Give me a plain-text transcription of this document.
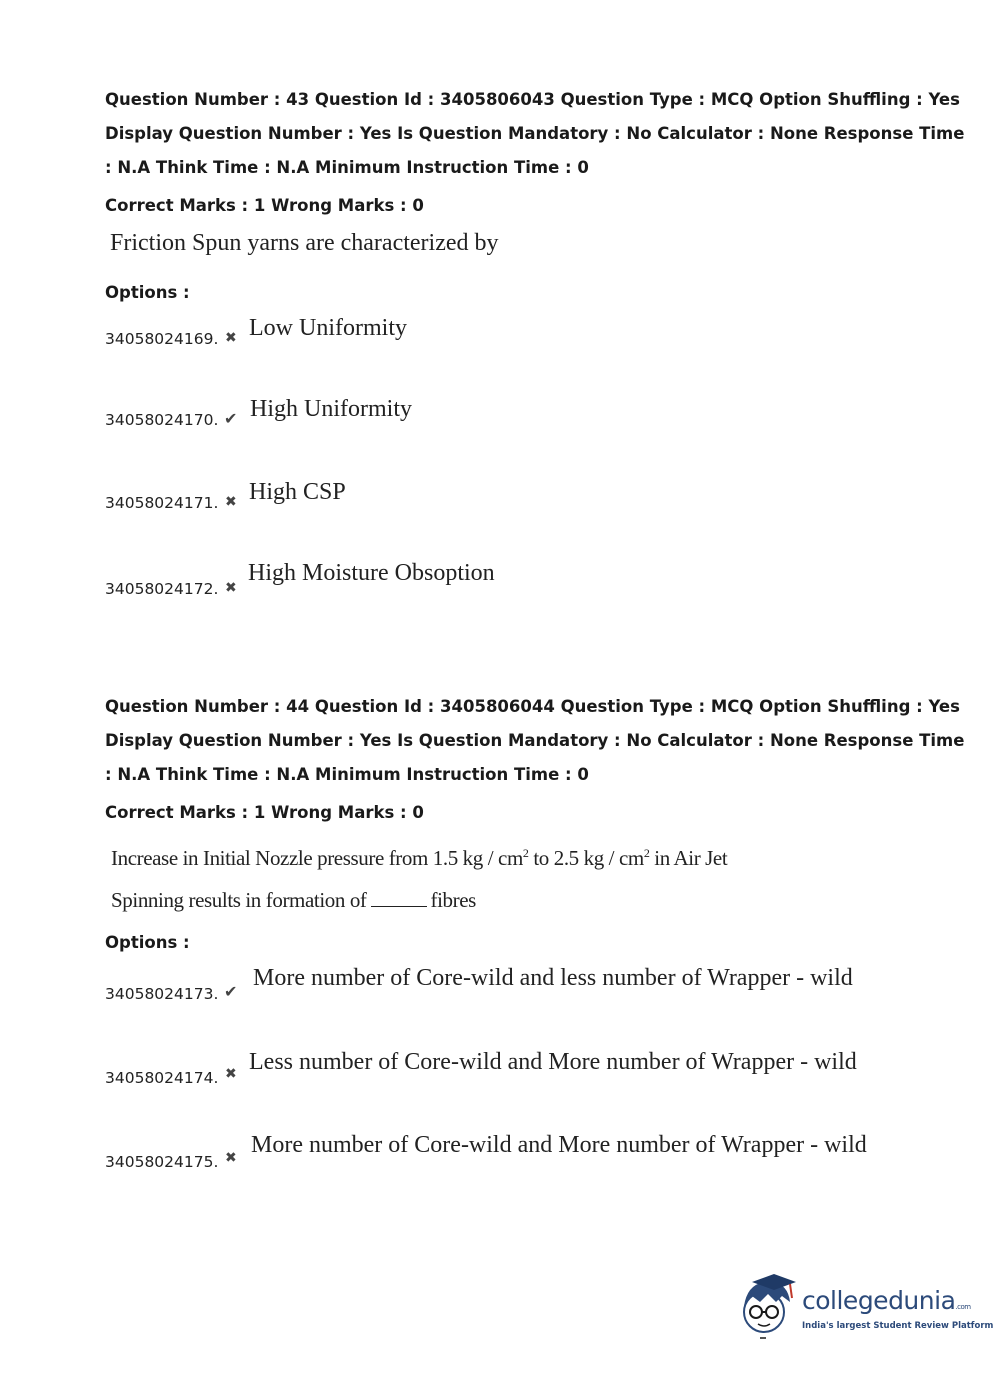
Question Number : 43 Question Id : 3405806043 Question Type : MCQ Option Shuffling : Yes

Display Question Number : Yes Is Question Mandatory : No Calculator : None Response Time

: N.A Think Time : N.A Minimum Instruction Time : 0

Correct Marks : 1 Wrong Marks : 0
Friction Spun yarns are characterized by
Options :
34058024169. ✖ Low Uniformity
34058024170. ✔ High Uniformity
34058024171. ✖ High CSP
34058024172. ✖
High Moisture Obsoption

Question Number : 44 Question Id : 3405806044 Question Type : MCQ Option Shuffling : Yes

Display Question Number : Yes Is Question Mandatory : No Calculator : None Response Time

: N.A Think Time : N.A Minimum Instruction Time : 0

Correct Marks : 1 Wrong Marks : 0
Increase in Initial Nozzle pressure from 1.5 kg / $cm^2$ to 2.5 kg / $cm^2$ in Air Jet
Spinning results in formation of	fibres
Options :
34058024173. ✔
More number of Core-wild and less number of Wrapper - wild
34058024174. ✖ Less number of Core-wild and More number of Wrapper - wild
34058024175. ✖ More number of Core-wild and More number of Wrapper - wild
collegedunia.com
India's largest Student Review Platform
